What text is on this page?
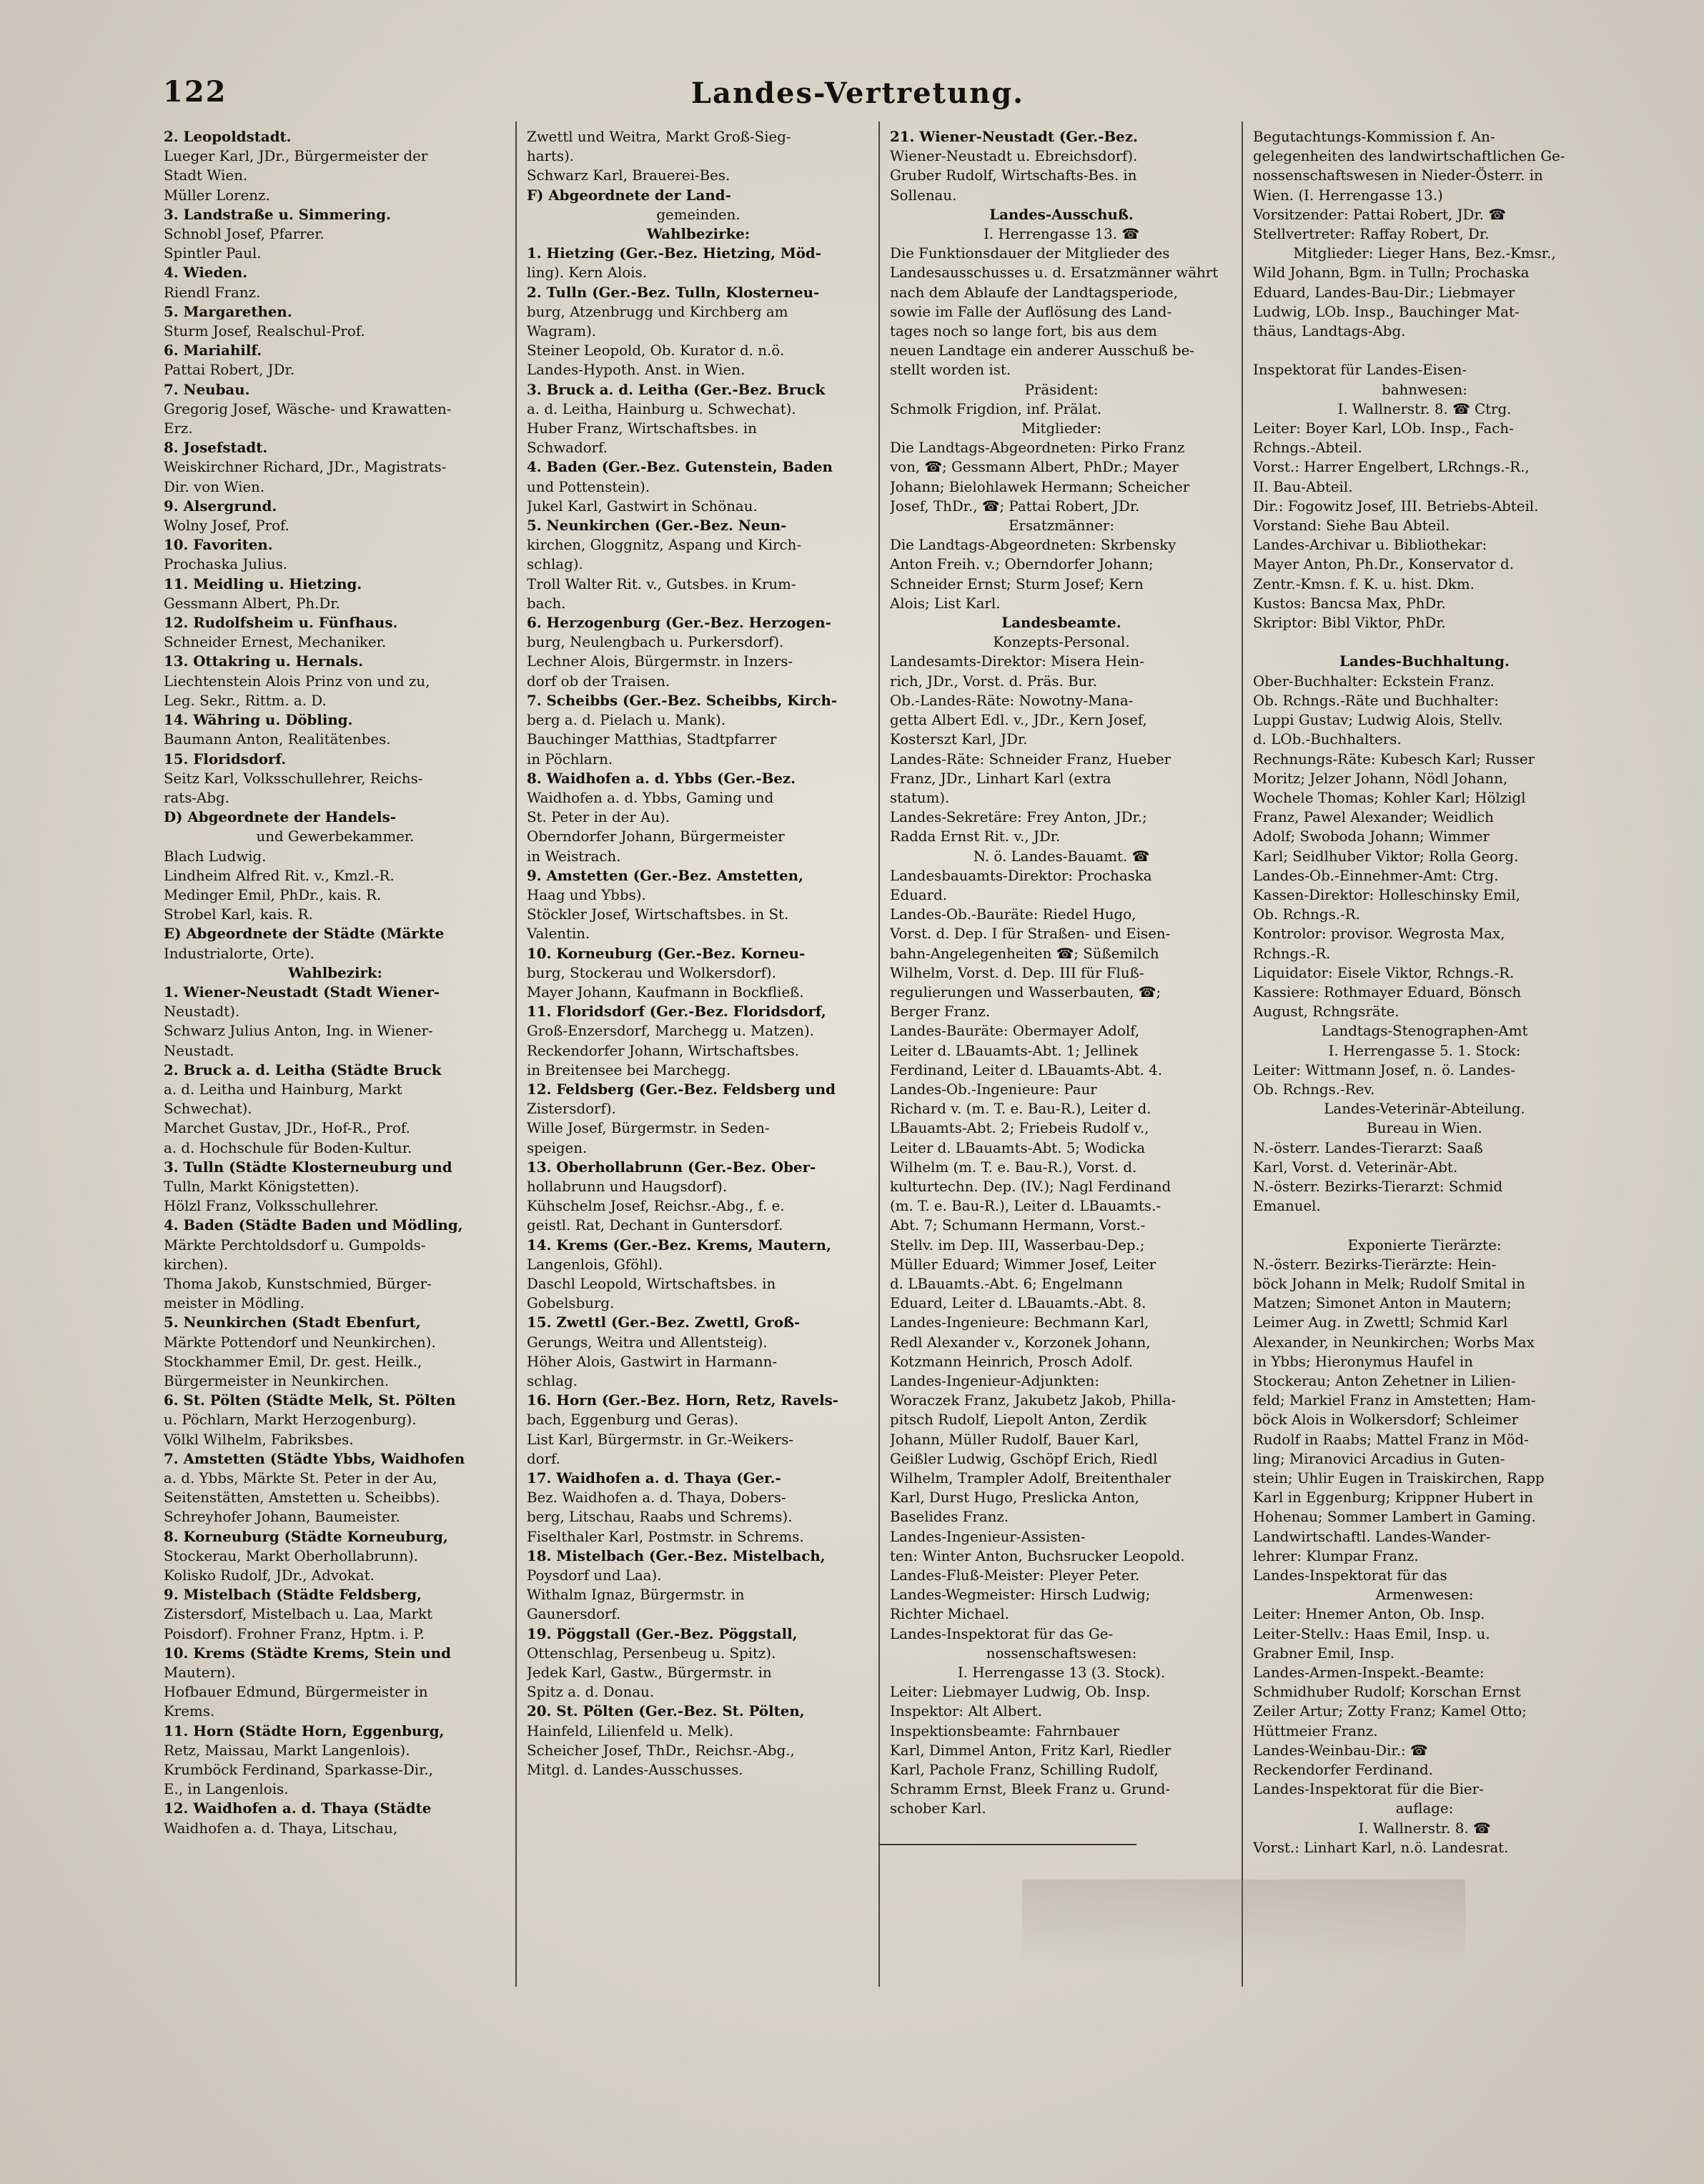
122	Landes-Vertretung.
2. Leopoldstadt.
Lueger Karl, JDr., Bürgermeister der
Stadt Wien.
Müller Lorenz.
3. Landstraße u. Simmering.
Schnobl Josef, Pfarrer.
Spintler Paul.
4. Wieden.
Riendl Franz.
5. Margarethen.
Sturm Josef, Realschul-Prof.
6. Mariahilf.
Pattai Robert, JDr.
7. Neubau.
Gregorig Josef, Wäsche- und Krawatten-
Erz.
8. Josefstadt.
Weiskirchner Richard, JDr., Magistrats-
Dir. von Wien.
9. Alsergrund.
Wolny Josef, Prof.
10. Favoriten.
Prochaska Julius.
11. Meidling u. Hietzing.
Gessmann Albert, Ph.Dr.
12. Rudolfsheim u. Fünfhaus.
Schneider Ernest, Mechaniker.
13. Ottakring u. Hernals.
Liechtenstein Alois Prinz von und zu,
Leg. Sekr., Rittm. a. D.
14. Währing u. Döbling.
Baumann Anton, Realitätenbes.
15. Floridsdorf.
Seitz Karl, Volksschullehrer, Reichs-
rats-Abg.
D) Abgeordnete der Handels-
und Gewerbekammer.
Blach Ludwig.
Lindheim Alfred Rit. v., Kmzl.-R.
Medinger Emil, PhDr., kais. R.
Strobel Karl, kais. R.
E) Abgeordnete der Städte (Märkte
Industrialorte, Orte).
Wahlbezirk:
1. Wiener-Neustadt (Stadt Wiener-
Neustadt).
Schwarz Julius Anton, Ing. in Wiener-
Neustadt.
2. Bruck a. d. Leitha (Städte Bruck
a. d. Leitha und Hainburg, Markt
Schwechat).
Marchet Gustav, JDr., Hof-R., Prof.
a. d. Hochschule für Boden-Kultur.
3. Tulln (Städte Klosterneuburg und
Tulln, Markt Königstetten).
Hölzl Franz, Volksschullehrer.
4. Baden (Städte Baden und Mödling,
Märkte Perchtoldsdorf u. Gumpolds-
kirchen).
Thoma Jakob, Kunstschmied, Bürger-
meister in Mödling.
5. Neunkirchen (Stadt Ebenfurt,
Märkte Pottendorf und Neunkirchen).
Stockhammer Emil, Dr. gest. Heilk.,
Bürgermeister in Neunkirchen.
6. St. Pölten (Städte Melk, St. Pölten
u. Pöchlarn, Markt Herzogenburg).
Völkl Wilhelm, Fabriksbes.
7. Amstetten (Städte Ybbs, Waidhofen
a. d. Ybbs, Märkte St. Peter in der Au,
Seitenstätten, Amstetten u. Scheibbs).
Schreyhofer Johann, Baumeister.
8. Korneuburg (Städte Korneuburg,
Stockerau, Markt Oberhollabrunn).
Kolisko Rudolf, JDr., Advokat.
9. Mistelbach (Städte Feldsberg,
Zistersdorf, Mistelbach u. Laa, Markt
Poisdorf). Frohner Franz, Hptm. i. P.
10. Krems (Städte Krems, Stein und
Mautern).
Hofbauer Edmund, Bürgermeister in
Krems.
11. Horn (Städte Horn, Eggenburg,
Retz, Maissau, Markt Langenlois).
Krumböck Ferdinand, Sparkasse-Dir.,
E., in Langenlois.
12. Waidhofen a. d. Thaya (Städte
Waidhofen a. d. Thaya, Litschau,
Zwettl und Weitra, Markt Groß-Sieg-
harts).
Schwarz Karl, Brauerei-Bes.
F) Abgeordnete der Land-
gemeinden.
Wahlbezirke:
1. Hietzing (Ger.-Bez. Hietzing, Möd-
ling). Kern Alois.
2. Tulln (Ger.-Bez. Tulln, Klosterneu-
burg, Atzenbrugg und Kirchberg am
Wagram).
Steiner Leopold, Ob. Kurator d. n.ö.
Landes-Hypoth. Anst. in Wien.
3. Bruck a. d. Leitha (Ger.-Bez. Bruck
a. d. Leitha, Hainburg u. Schwechat).
Huber Franz, Wirtschaftsbes. in
Schwadorf.
4. Baden (Ger.-Bez. Gutenstein, Baden
und Pottenstein).
Jukel Karl, Gastwirt in Schönau.
5. Neunkirchen (Ger.-Bez. Neun-
kirchen, Gloggnitz, Aspang und Kirch-
schlag).
Troll Walter Rit. v., Gutsbes. in Krum-
bach.
6. Herzogenburg (Ger.-Bez. Herzogen-
burg, Neulengbach u. Purkersdorf).
Lechner Alois, Bürgermstr. in Inzers-
dorf ob der Traisen.
7. Scheibbs (Ger.-Bez. Scheibbs, Kirch-
berg a. d. Pielach u. Mank).
Bauchinger Matthias, Stadtpfarrer
in Pöchlarn.
8. Waidhofen a. d. Ybbs (Ger.-Bez.
Waidhofen a. d. Ybbs, Gaming und
St. Peter in der Au).
Oberndorfer Johann, Bürgermeister
in Weistrach.
9. Amstetten (Ger.-Bez. Amstetten,
Haag und Ybbs).
Stöckler Josef, Wirtschaftsbes. in St.
Valentin.
10. Korneuburg (Ger.-Bez. Korneu-
burg, Stockerau und Wolkersdorf).
Mayer Johann, Kaufmann in Bockfließ.
11. Floridsdorf (Ger.-Bez. Floridsdorf,
Groß-Enzersdorf, Marchegg u. Matzen).
Reckendorfer Johann, Wirtschaftsbes.
in Breitensee bei Marchegg.
12. Feldsberg (Ger.-Bez. Feldsberg und
Zistersdorf).
Wille Josef, Bürgermstr. in Seden-
speigen.
13. Oberhollabrunn (Ger.-Bez. Ober-
hollabrunn und Haugsdorf).
Kühschelm Josef, Reichsr.-Abg., f. e.
geistl. Rat, Dechant in Guntersdorf.
14. Krems (Ger.-Bez. Krems, Mautern,
Langenlois, Gföhl).
Daschl Leopold, Wirtschaftsbes. in
Gobelsburg.
15. Zwettl (Ger.-Bez. Zwettl, Groß-
Gerungs, Weitra und Allentsteig).
Höher Alois, Gastwirt in Harmann-
schlag.
16. Horn (Ger.-Bez. Horn, Retz, Ravels-
bach, Eggenburg und Geras).
List Karl, Bürgermstr. in Gr.-Weikers-
dorf.
17. Waidhofen a. d. Thaya (Ger.-
Bez. Waidhofen a. d. Thaya, Dobers-
berg, Litschau, Raabs und Schrems).
Fiselthaler Karl, Postmstr. in Schrems.
18. Mistelbach (Ger.-Bez. Mistelbach,
Poysdorf und Laa).
Withalm Ignaz, Bürgermstr. in
Gaunersdorf.
19. Pöggstall (Ger.-Bez. Pöggstall,
Ottenschlag, Persenbeug u. Spitz).
Jedek Karl, Gastw., Bürgermstr. in
Spitz a. d. Donau.
20. St. Pölten (Ger.-Bez. St. Pölten,
Hainfeld, Lilienfeld u. Melk).
Scheicher Josef, ThDr., Reichsr.-Abg.,
Mitgl. d. Landes-Ausschusses.
21. Wiener-Neustadt (Ger.-Bez.
Wiener-Neustadt u. Ebreichsdorf).
Gruber Rudolf, Wirtschafts-Bes. in
Sollenau.
Landes-Ausschuß.
I. Herrengasse 13. ☎
Die Funktionsdauer der Mitglieder des
Landesausschusses u. d. Ersatzmänner währt
nach dem Ablaufe der Landtagsperiode,
sowie im Falle der Auflösung des Land-
tages noch so lange fort, bis aus dem
neuen Landtage ein anderer Ausschuß be-
stellt worden ist.
Präsident:
Schmolk Frigdion, inf. Prälat.
Mitglieder:
Die Landtags-Abgeordneten: Pirko Franz
von, ☎; Gessmann Albert, PhDr.; Mayer
Johann; Bielohlawek Hermann; Scheicher
Josef, ThDr., ☎; Pattai Robert, JDr.
Ersatzmänner:
Die Landtags-Abgeordneten: Skrbensky
Anton Freih. v.; Oberndorfer Johann;
Schneider Ernst; Sturm Josef; Kern
Alois; List Karl.
Landesbeamte.
Konzepts-Personal.
Landesamts-Direktor: Misera Hein-
rich, JDr., Vorst. d. Präs. Bur.
Ob.-Landes-Räte: Nowotny-Mana-
getta Albert Edl. v., JDr., Kern Josef,
Kosterszt Karl, JDr.
Landes-Räte: Schneider Franz, Hueber
Franz, JDr., Linhart Karl (extra
statum).
Landes-Sekretäre: Frey Anton, JDr.;
Radda Ernst Rit. v., JDr.
N. ö. Landes-Bauamt. ☎
Landesbauamts-Direktor: Prochaska
Eduard.
Landes-Ob.-Bauräte: Riedel Hugo,
Vorst. d. Dep. I für Straßen- und Eisen-
bahn-Angelegenheiten ☎; Süßemilch
Wilhelm, Vorst. d. Dep. III für Fluß-
regulierungen und Wasserbauten, ☎;
Berger Franz.
Landes-Bauräte: Obermayer Adolf,
Leiter d. LBauamts-Abt. 1; Jellinek
Ferdinand, Leiter d. LBauamts-Abt. 4.
Landes-Ob.-Ingenieure: Paur
Richard v. (m. T. e. Bau-R.), Leiter d.
LBauamts-Abt. 2; Friebeis Rudolf v.,
Leiter d. LBauamts-Abt. 5; Wodicka
Wilhelm (m. T. e. Bau-R.), Vorst. d.
kulturtechn. Dep. (IV.); Nagl Ferdinand
(m. T. e. Bau-R.), Leiter d. LBauamts.-
Abt. 7; Schumann Hermann, Vorst.-
Stellv. im Dep. III, Wasserbau-Dep.;
Müller Eduard; Wimmer Josef, Leiter
d. LBauamts.-Abt. 6; Engelmann
Eduard, Leiter d. LBauamts.-Abt. 8.
Landes-Ingenieure: Bechmann Karl,
Redl Alexander v., Korzonek Johann,
Kotzmann Heinrich, Prosch Adolf.
Landes-Ingenieur-Adjunkten:
Woraczek Franz, Jakubetz Jakob, Philla-
pitsch Rudolf, Liepolt Anton, Zerdik
Johann, Müller Rudolf, Bauer Karl,
Geißler Ludwig, Gschöpf Erich, Riedl
Wilhelm, Trampler Adolf, Breitenthaler
Karl, Durst Hugo, Preslicka Anton,
Baselides Franz.
Landes-Ingenieur-Assisten-
ten: Winter Anton, Buchsrucker Leopold.
Landes-Fluß-Meister: Pleyer Peter.
Landes-Wegmeister: Hirsch Ludwig;
Richter Michael.
Landes-Inspektorat für das Ge-
nossenschaftswesen:
I. Herrengasse 13 (3. Stock).
Leiter: Liebmayer Ludwig, Ob. Insp.
Inspektor: Alt Albert.
Inspektionsbeamte: Fahrnbauer
Karl, Dimmel Anton, Fritz Karl, Riedler
Karl, Pachole Franz, Schilling Rudolf,
Schramm Ernst, Bleek Franz u. Grund-
schober Karl.
Begutachtungs-Kommission f. An-
gelegenheiten des landwirtschaftlichen Ge-
nossenschaftswesen in Nieder-Österr. in
Wien. (I. Herrengasse 13.)
Vorsitzender: Pattai Robert, JDr. ☎
Stellvertreter: Raffay Robert, Dr.
Mitglieder: Lieger Hans, Bez.-Kmsr.,
Wild Johann, Bgm. in Tulln; Prochaska
Eduard, Landes-Bau-Dir.; Liebmayer
Ludwig, LOb. Insp., Bauchinger Mat-
thäus, Landtags-Abg.

Inspektorat für Landes-Eisen-
bahnwesen:
I. Wallnerstr. 8. ☎ Ctrg.
Leiter: Boyer Karl, LOb. Insp., Fach-
Rchngs.-Abteil.
Vorst.: Harrer Engelbert, LRchngs.-R.,
II. Bau-Abteil.
Dir.: Fogowitz Josef, III. Betriebs-Abteil.
Vorstand: Siehe Bau Abteil.
Landes-Archivar u. Bibliothekar:
Mayer Anton, Ph.Dr., Konservator d.
Zentr.-Kmsn. f. K. u. hist. Dkm.
Kustos: Bancsa Max, PhDr.
Skriptor: Bibl Viktor, PhDr.

Landes-Buchhaltung.
Ober-Buchhalter: Eckstein Franz.
Ob. Rchngs.-Räte und Buchhalter:
Luppi Gustav; Ludwig Alois, Stellv.
d. LOb.-Buchhalters.
Rechnungs-Räte: Kubesch Karl; Russer
Moritz; Jelzer Johann, Nödl Johann,
Wochele Thomas; Kohler Karl; Hölzigl
Franz, Pawel Alexander; Weidlich
Adolf; Swoboda Johann; Wimmer
Karl; Seidlhuber Viktor; Rolla Georg.
Landes-Ob.-Einnehmer-Amt: Ctrg.
Kassen-Direktor: Holleschinsky Emil,
Ob. Rchngs.-R.
Kontrolor: provisor. Wegrosta Max,
Rchngs.-R.
Liquidator: Eisele Viktor, Rchngs.-R.
Kassiere: Rothmayer Eduard, Bönsch
August, Rchngsräte.
Landtags-Stenographen-Amt
I. Herrengasse 5. 1. Stock:
Leiter: Wittmann Josef, n. ö. Landes-
Ob. Rchngs.-Rev.
Landes-Veterinär-Abteilung.
Bureau in Wien.
N.-österr. Landes-Tierarzt: Saaß
Karl, Vorst. d. Veterinär-Abt.
N.-österr. Bezirks-Tierarzt: Schmid
Emanuel.

Exponierte Tierärzte:
N.-österr. Bezirks-Tierärzte: Hein-
böck Johann in Melk; Rudolf Smital in
Matzen; Simonet Anton in Mautern;
Leimer Aug. in Zwettl; Schmid Karl
Alexander, in Neunkirchen; Worbs Max
in Ybbs; Hieronymus Haufel in
Stockerau; Anton Zehetner in Lilien-
feld; Markiel Franz in Amstetten; Ham-
böck Alois in Wolkersdorf; Schleimer
Rudolf in Raabs; Mattel Franz in Möd-
ling; Miranovici Arcadius in Guten-
stein; Uhlir Eugen in Traiskirchen, Rapp
Karl in Eggenburg; Krippner Hubert in
Hohenau; Sommer Lambert in Gaming.
Landwirtschaftl. Landes-Wander-
lehrer: Klumpar Franz.
Landes-Inspektorat für das
Armenwesen:
Leiter: Hnemer Anton, Ob. Insp.
Leiter-Stellv.: Haas Emil, Insp. u.
Grabner Emil, Insp.
Landes-Armen-Inspekt.-Beamte:
Schmidhuber Rudolf; Korschan Ernst
Zeiler Artur; Zotty Franz; Kamel Otto;
Hüttmeier Franz.
Landes-Weinbau-Dir.: ☎
Reckendorfer Ferdinand.
Landes-Inspektorat für die Bier-
auflage:
I. Wallnerstr. 8. ☎
Vorst.: Linhart Karl, n.ö. Landesrat.
